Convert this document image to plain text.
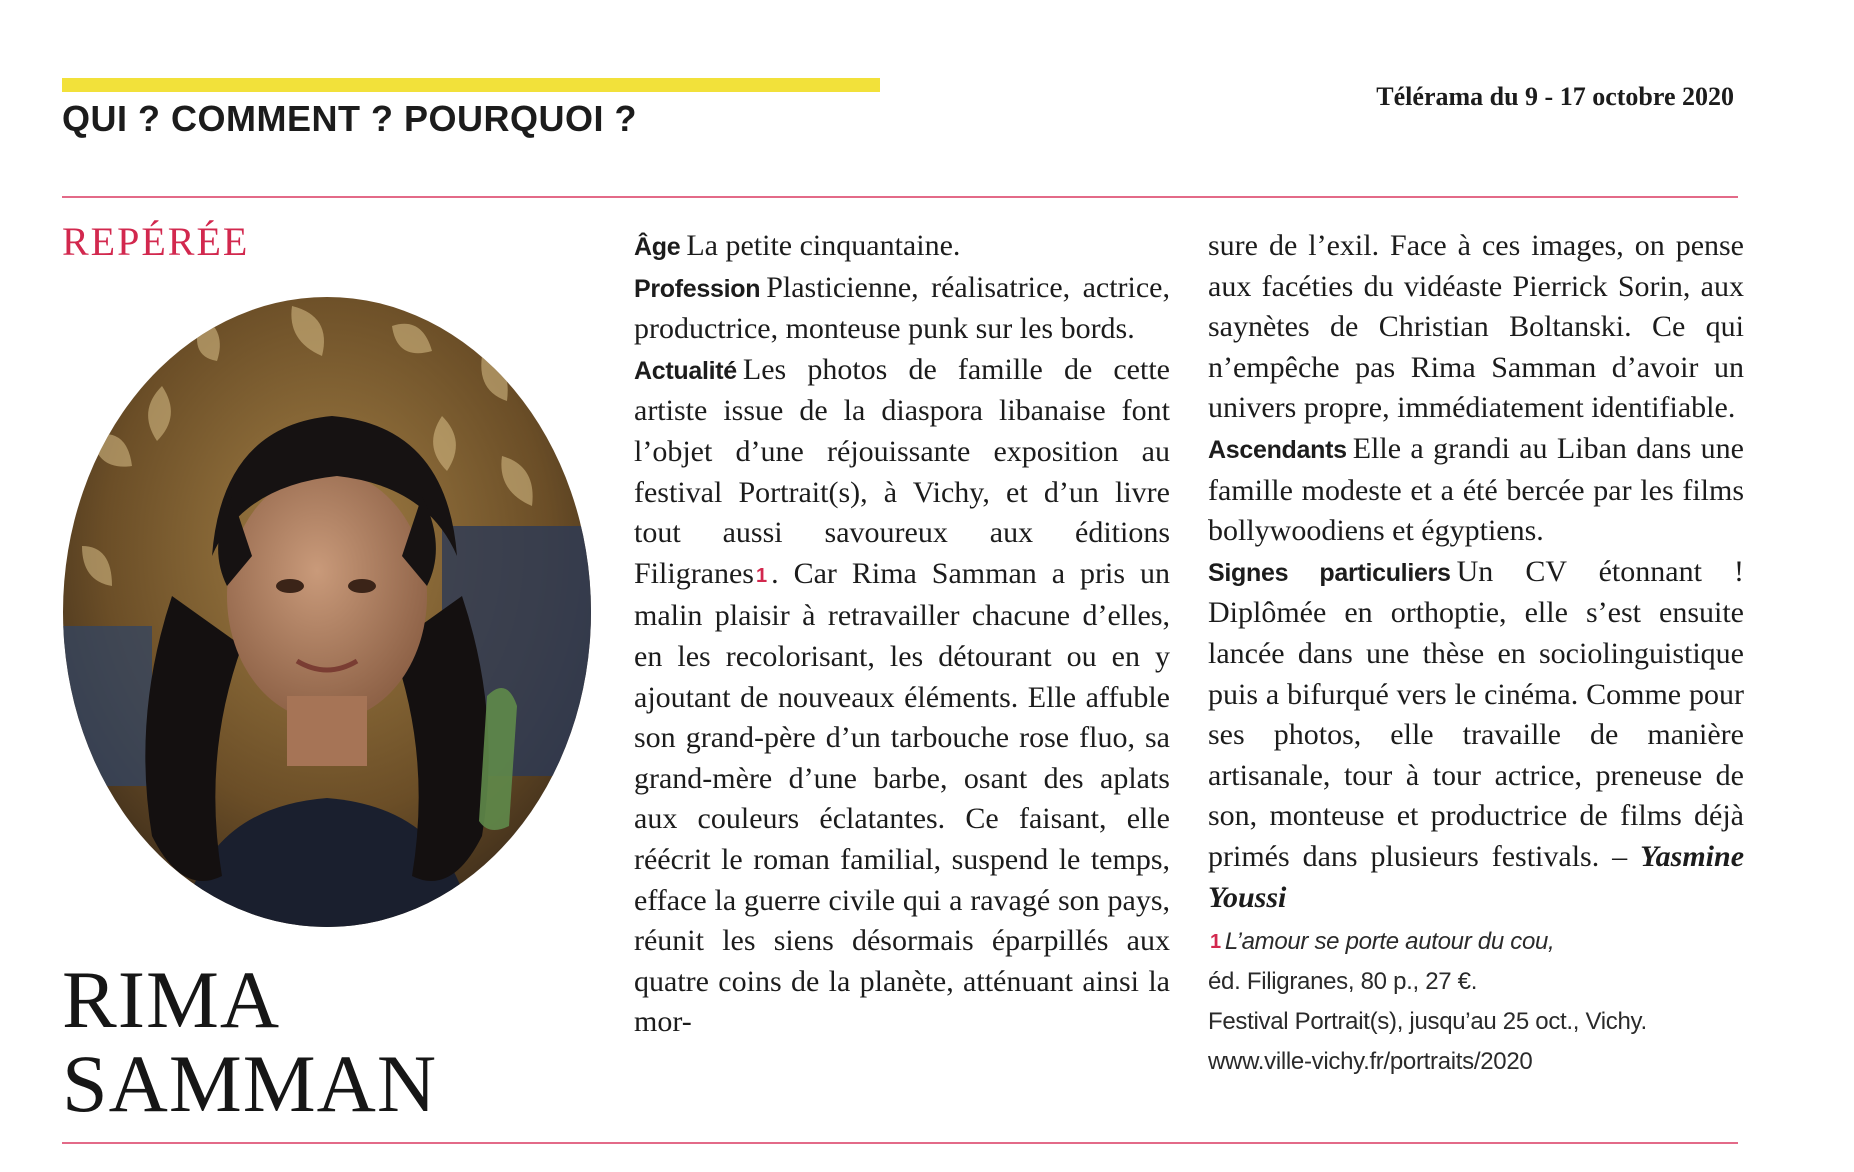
QUI ? COMMENT ? POURQUOI ?
Télérama du 9 - 17 octobre 2020
REPÉRÉE
RIMA
SAMMAN

Âge La petite cinquantaine.

Profession Plasticienne, réalisatrice, actrice, productrice, monteuse punk sur les bords.

Actualité Les photos de famille de cette artiste issue de la diaspora libanaise font l’objet d’une réjouissante exposition au festival Portrait(s), à Vichy, et d’un livre tout aussi savoureux aux éditions Filigranes 1 . Car Rima Samman a pris un malin plaisir à retravailler chacune d’elles, en les recolorisant, les détourant ou en y ajoutant de nouveaux éléments. Elle affuble son grand-père d’un tarbouche rose fluo, sa grand-mère d’une barbe, osant des aplats aux couleurs éclatantes. Ce faisant, elle réécrit le roman familial, suspend le temps, efface la guerre civile qui a ravagé son pays, réunit les siens désormais éparpillés aux quatre coins de la planète, atténuant ainsi la mor-

sure de l’exil. Face à ces images, on pense aux facéties du vidéaste Pierrick Sorin, aux saynètes de Christian Boltanski. Ce qui n’empêche pas Rima Samman d’avoir un univers propre, immédiatement identifiable.

Ascendants Elle a grandi au Liban dans une famille modeste et a été bercée par les films bollywoodiens et égyptiens.

Signes particuliers Un CV étonnant ! Diplômée en orthoptie, elle s’est ensuite lancée dans une thèse en sociolinguistique puis a bifurqué vers le cinéma. Comme pour ses photos, elle travaille de manière artisanale, tour à tour actrice, preneuse de son, monteuse et productrice de films déjà primés dans plusieurs festivals. – Yasmine Youssi

1 L’amour se porte autour du cou,
éd. Filigranes, 80 p., 27 €.
Festival Portrait(s), jusqu’au 25 oct., Vichy.
www.ville-vichy.fr/portraits/2020
